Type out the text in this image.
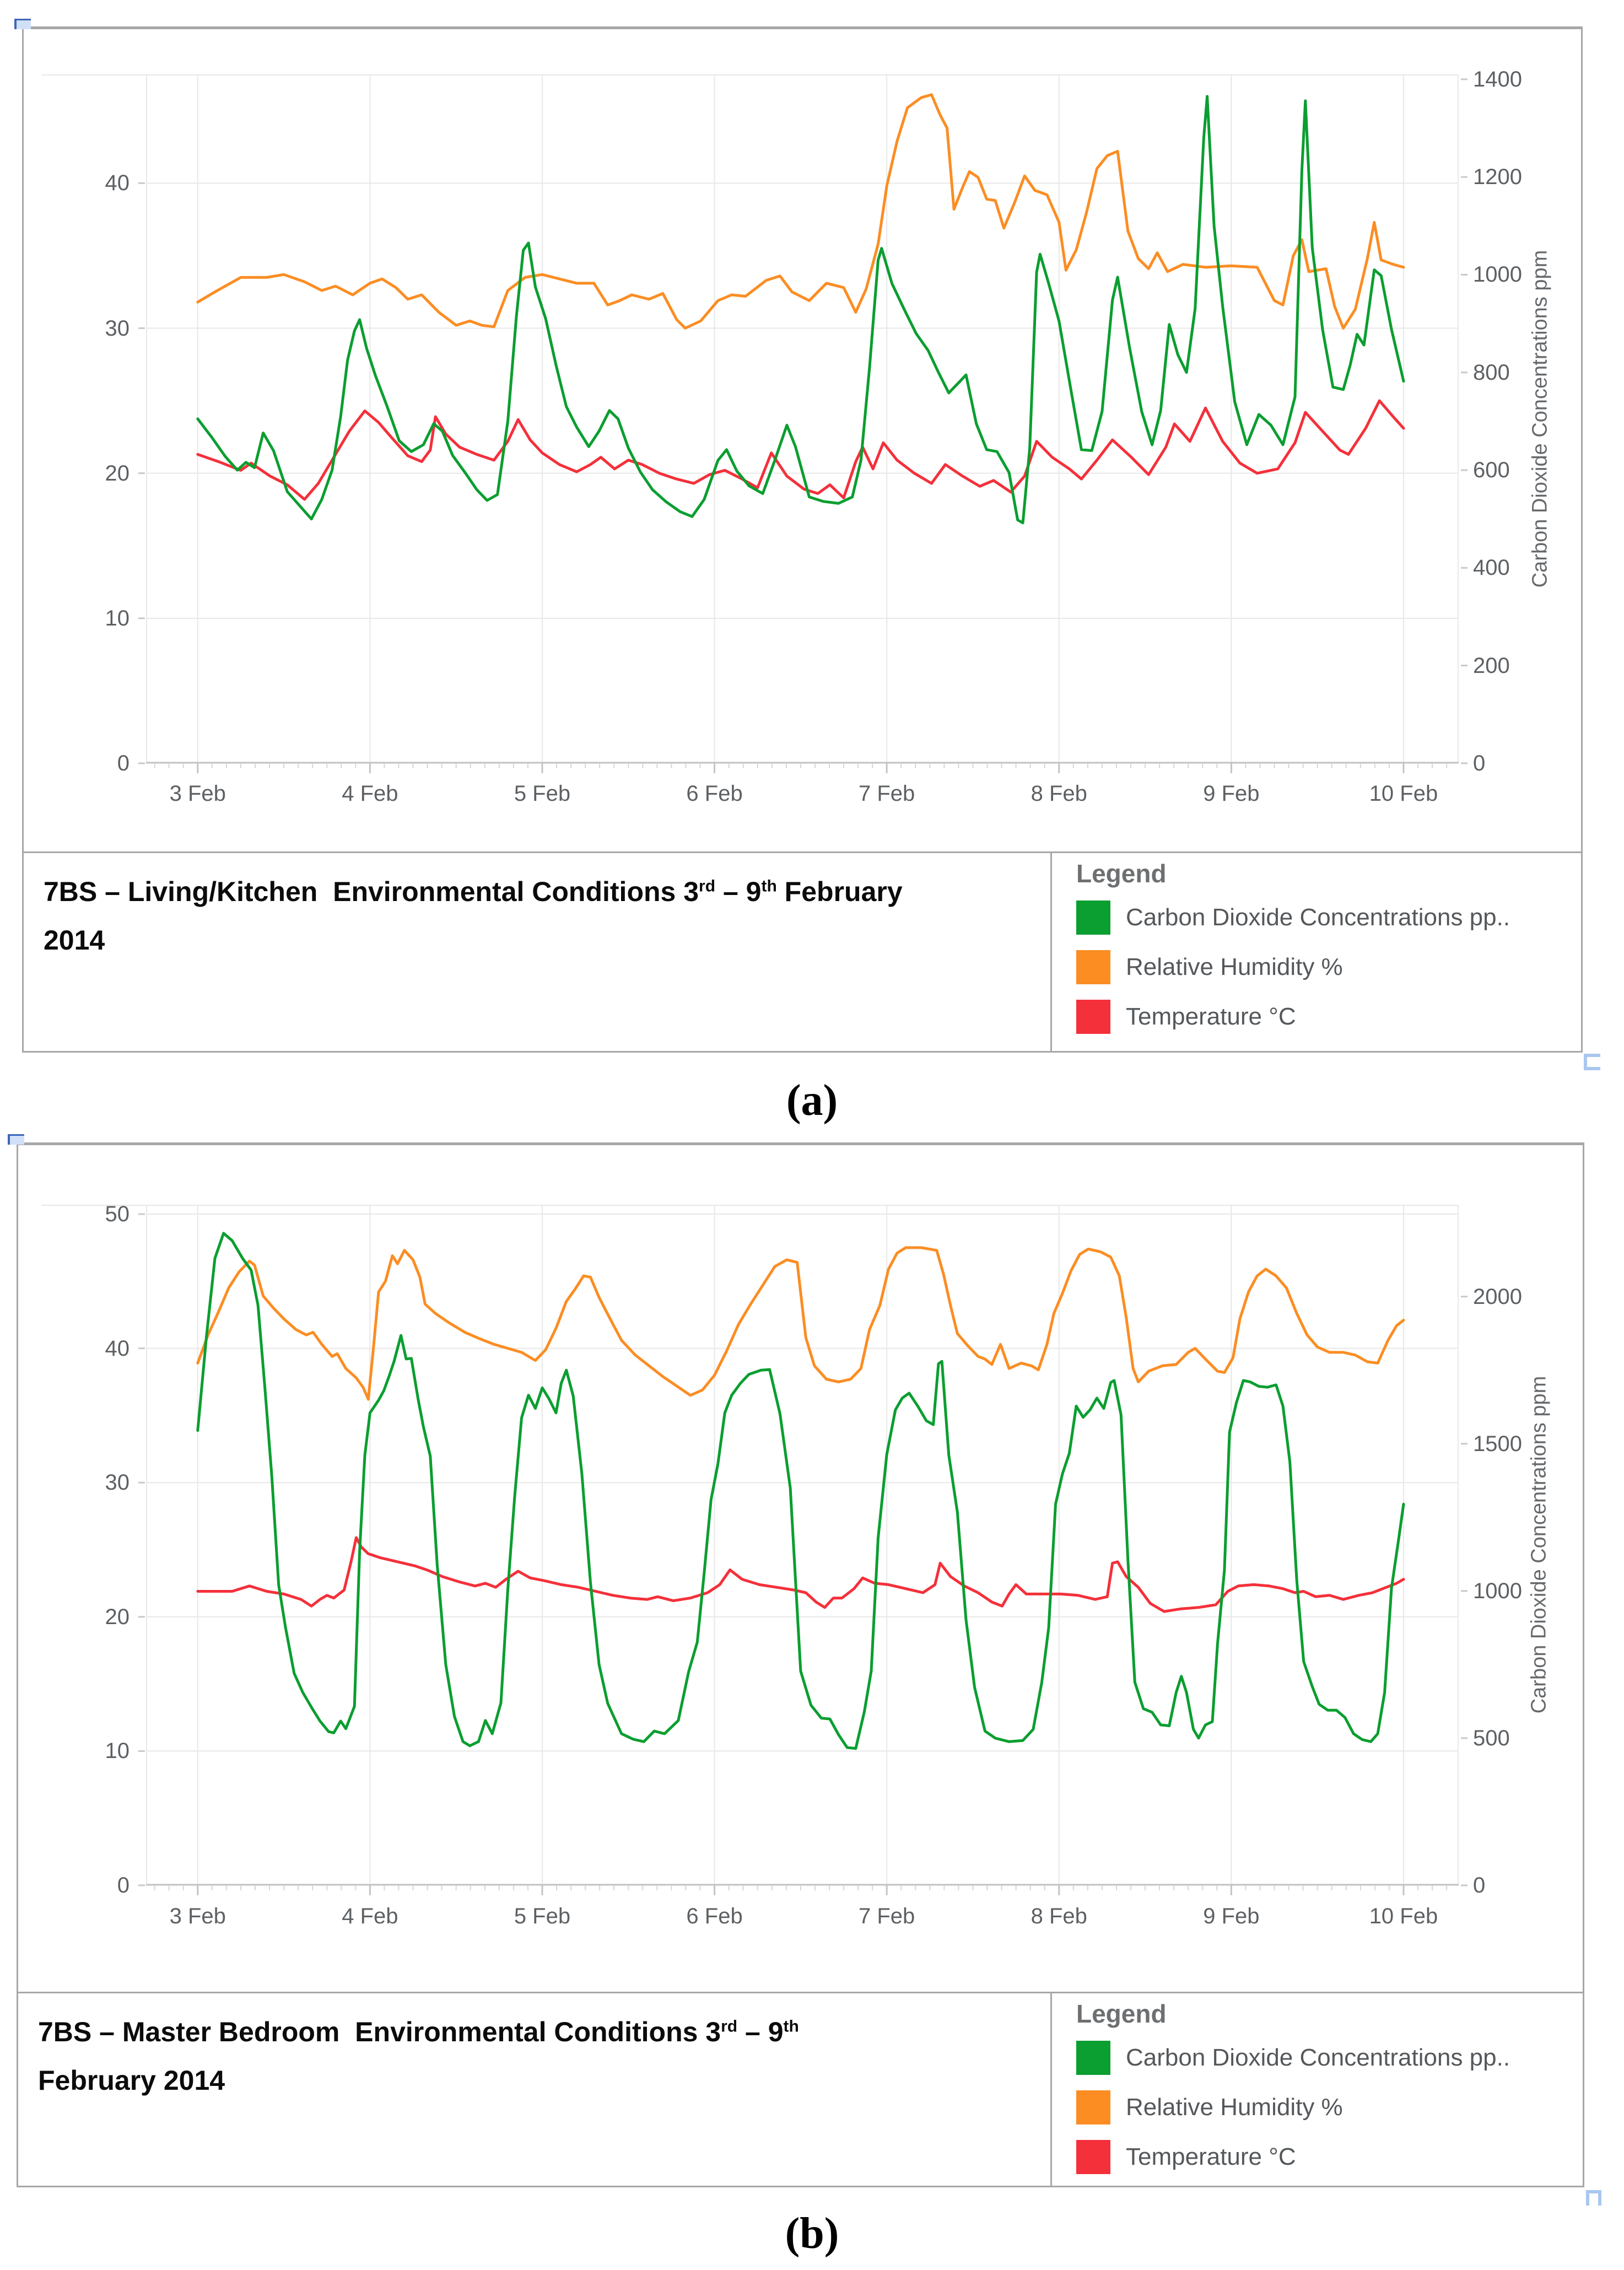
Carbon Dioxide Concentrations ppm
7BS – Living/Kitchen  Environmental Conditions 3rd – 9th February
2014
Legend
Carbon Dioxide Concentrations pp..
Relative Humidity %
Temperature °C
0
10
20
30
40
0
200
400
600
800
1000
1200
1400
3 Feb	4 Feb	5 Feb	6 Feb	7 Feb	8 Feb	9 Feb	10 Feb
(a)
Carbon Dioxide Concentrations ppm
7BS – Master Bedroom  Environmental Conditions 3rd – 9th
February 2014
Legend
Carbon Dioxide Concentrations pp..
Relative Humidity %
Temperature °C
0
10
20
30
40
50
0
500
1000
1500
2000
3 Feb	4 Feb	5 Feb	6 Feb	7 Feb	8 Feb	9 Feb	10 Feb
(b)
